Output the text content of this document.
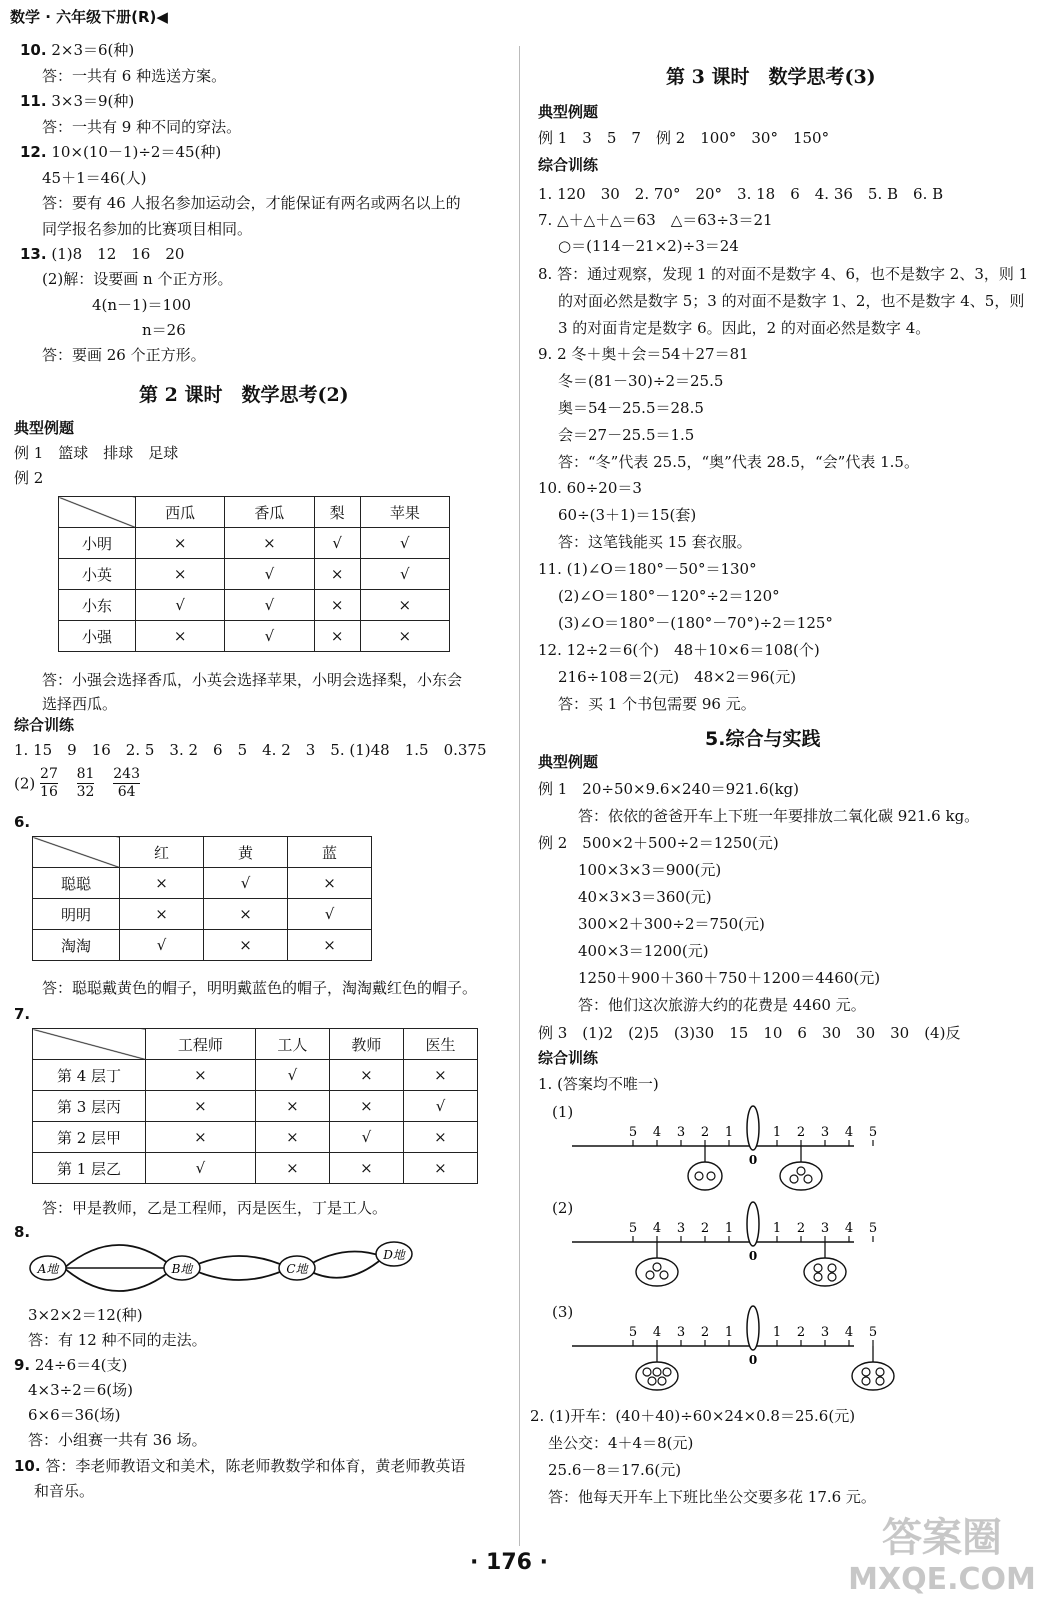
数学 · 六年级下册(R)◀
10. 2×3＝6(种)
答：一共有 6 种选送方案。
11. 3×3＝9(种)
答：一共有 9 种不同的穿法。
12. 10×(10－1)÷2＝45(种)
45＋1＝46(人)
答：要有 46 人报名参加运动会，才能保证有两名或两名以上的
同学报名参加的比赛项目相同。
13. (1)8　12　16　20
(2)解：设要画 n 个正方形。
4(n－1)＝100
n＝26
答：要画 26 个正方形。
第 2 课时　数学思考(2)
典型例题
例 1　篮球　排球　足球
例 2
	西瓜	香瓜	梨	苹果
小明	×	×	√	√
小英	×	√	×	√
小东	√	√	×	×
小强	×	√	×	×
答：小强会选择香瓜，小英会选择苹果，小明会选择梨，小东会
选择西瓜。
综合训练
1. 15　9　16　2. 5　3. 2　6　5　4. 2　3　5. (1)48　1.5　0.375
$(2) \frac{27}{16}$
$\frac{81}{32}$
$\frac{243}{64}$
6.
	红	黄	蓝
聪聪	×	√	×
明明	×	×	√
淘淘	√	×	×
答：聪聪戴黄色的帽子，明明戴蓝色的帽子，淘淘戴红色的帽子。
7.
	工程师	工人	教师	医生
第 4 层丁	×	√	×	×
第 3 层丙	×	×	×	√
第 2 层甲	×	×	√	×
第 1 层乙	√	×	×	×
答：甲是教师，乙是工程师，丙是医生，丁是工人。
8.
A地	B地	C地
D地
3×2×2＝12(种)
答：有 12 种不同的走法。
9. 24÷6＝4(支)
4×3÷2＝6(场)
6×6＝36(场)
答：小组赛一共有 36 场。
10. 答：李老师教语文和美术，陈老师教数学和体育，黄老师教英语
和音乐。
第 3 课时　数学思考(3)
典型例题
例 1　3　5　7　例 2　100°　30°　150°
综合训练
1. 120　30　2. 70°　20°　3. 18　6　4. 36　5. B　6. B
7. △＋△＋△＝63　△＝63÷3＝21
○＝(114－21×2)÷3＝24
8. 答：通过观察，发现 1 的对面不是数字 4、6，也不是数字 2、3，则 1
的对面必然是数字 5；3 的对面不是数字 1、2，也不是数字 4、5，则
3 的对面肯定是数字 6。因此，2 的对面必然是数字 4。
9. 2 冬＋奥＋会＝54＋27＝81
冬＝(81－30)÷2＝25.5
奥＝54－25.5＝28.5
会＝27－25.5＝1.5
答：“冬”代表 25.5，“奥”代表 28.5，“会”代表 1.5。
10. 60÷20＝3
60÷(3＋1)＝15(套)
答：这笔钱能买 15 套衣服。
11. (1)∠O＝180°－50°＝130°
(2)∠O＝180°－120°÷2＝120°
(3)∠O＝180°－(180°－70°)÷2＝125°
12. 12÷2＝6(个)　48＋10×6＝108(个)
216÷108＝2(元)　48×2＝96(元)
答：买 1 个书包需要 96 元。
5.综合与实践
典型例题
例 1　20÷50×9.6×240＝921.6(kg)
答：依依的爸爸开车上下班一年要排放二氧化碳 921.6 kg。
例 2　500×2＋500÷2＝1250(元)
100×3×3＝900(元)
40×3×3＝360(元)
300×2＋300÷2＝750(元)
400×3＝1200(元)
1250＋900＋360＋750＋1200＝4460(元)
答：他们这次旅游大约的花费是 4460 元。
例 3　(1)2　(2)5　(3)30　15　10　6　30　30　30　(4)反
综合训练
1. (答案均不唯一)
(1)
0
1	1
2	2
3	3
4	4
5	5
(2)
0
1	1
2	2
3	3
4	4
5	5
(3)
0
1	1
2	2
3	3
4	4
5	5
2. (1)开车：(40＋40)÷60×24×0.8＝25.6(元)
坐公交：4＋4＝8(元)
25.6－8＝17.6(元)
答：他每天开车上下班比坐公交要多花 17.6 元。
· 176 ·
答案圈
MXQE.COM
